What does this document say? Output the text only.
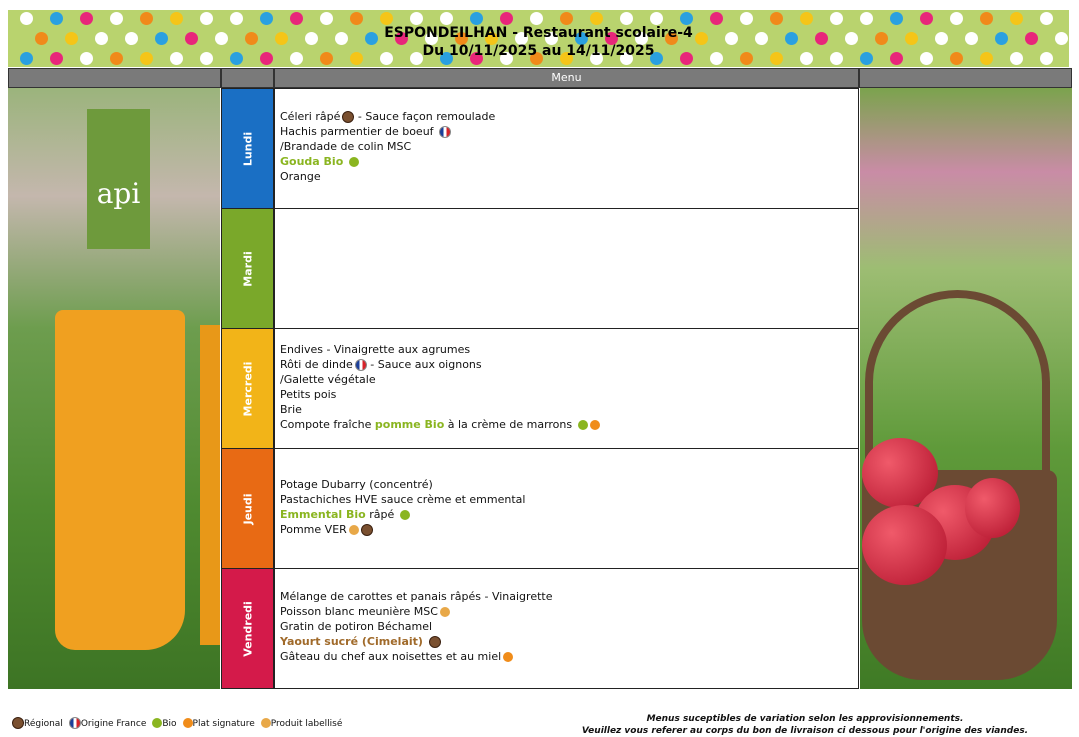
ESPONDEILHAN - Restaurant scolaire-4
Du 10/11/2025 au 14/11/2025
Menu
api
Lundi
Céleri râpé - Sauce façon remoulade
Hachis parmentier de boeuf
/Brandade de colin MSC
Gouda Bio
Orange
Mardi
Mercredi
Endives - Vinaigrette aux agrumes
Rôti de dinde - Sauce aux oignons
/Galette végétale
Petits pois
Brie
Compote fraîche pomme Bio à la crème de marrons
Jeudi
Potage Dubarry (concentré)
Pastachiches HVE sauce crème et emmental
Emmental Bio râpé
Pomme VER
Vendredi
Mélange de carottes et panais râpés - Vinaigrette
Poisson blanc meunière MSC
Gratin de potiron Béchamel
Yaourt sucré (Cimelait)
Gâteau du chef aux noisettes et au miel
Régional Origine France Bio Plat signature Produit labellisé	Menus suceptibles de variation selon les approvisionnements.
Veuillez vous referer au corps du bon de livraison ci dessous pour l'origine des viandes.
